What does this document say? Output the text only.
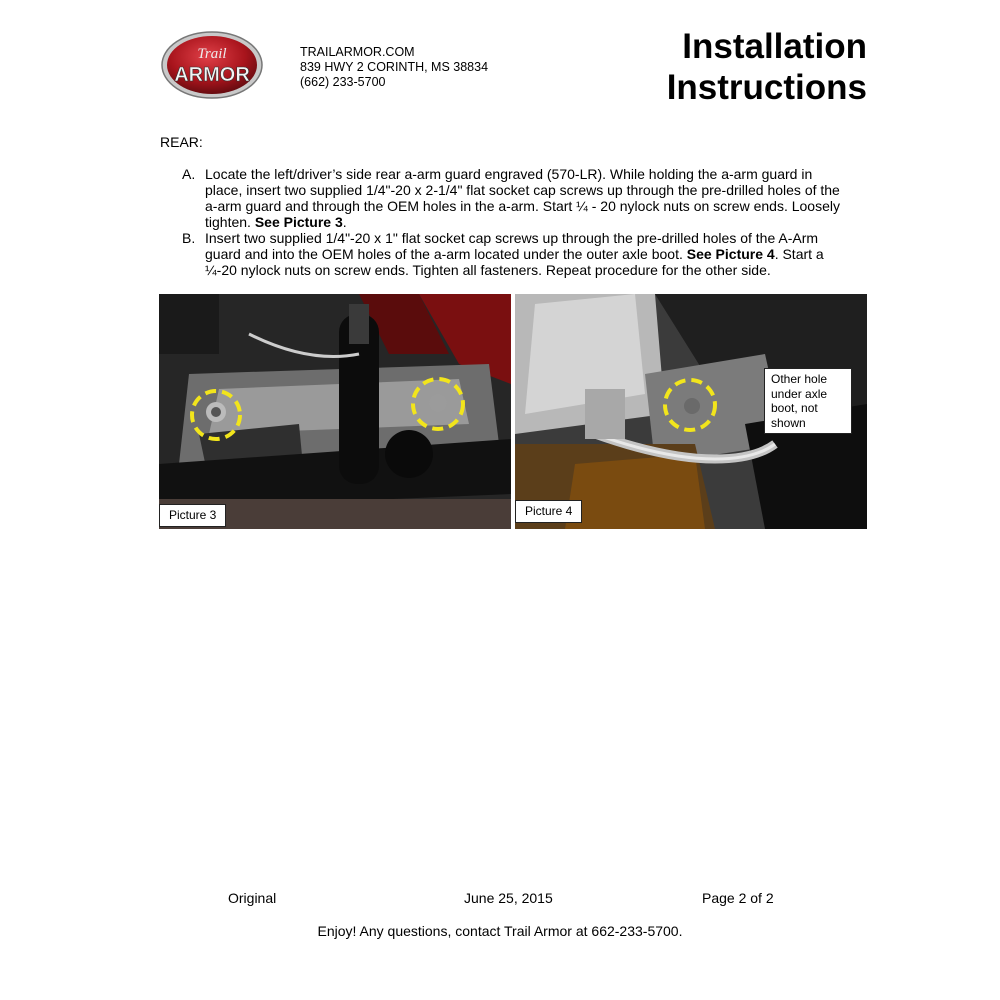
Trail
ARMOR
TRAILARMOR.COM
839 HWY 2 CORINTH, MS 38834
(662) 233-5700
Installation
Instructions
REAR:
A. Locate the left/driver’s side rear a-arm guard engraved (570-LR). While holding the a-arm guard in place, insert two supplied 1/4"-20 x 2-1/4" flat socket cap screws up through the pre-drilled holes of the a-arm guard and through the OEM holes in the a-arm. Start ¼ - 20 nylock nuts on screw ends. Loosely tighten. See Picture 3.
B. Insert two supplied 1/4"-20 x 1" flat socket cap screws up through the pre-drilled holes of the A-Arm guard and into the OEM holes of the a-arm located under the outer axle boot. See Picture 4. Start a ¼-20 nylock nuts on screw ends. Tighten all fasteners. Repeat procedure for the other side.
Picture 3
Other hole under axle boot, not shown
Picture 4
Original	June 25, 2015	Page 2 of 2
Enjoy! Any questions, contact Trail Armor at 662-233-5700.
